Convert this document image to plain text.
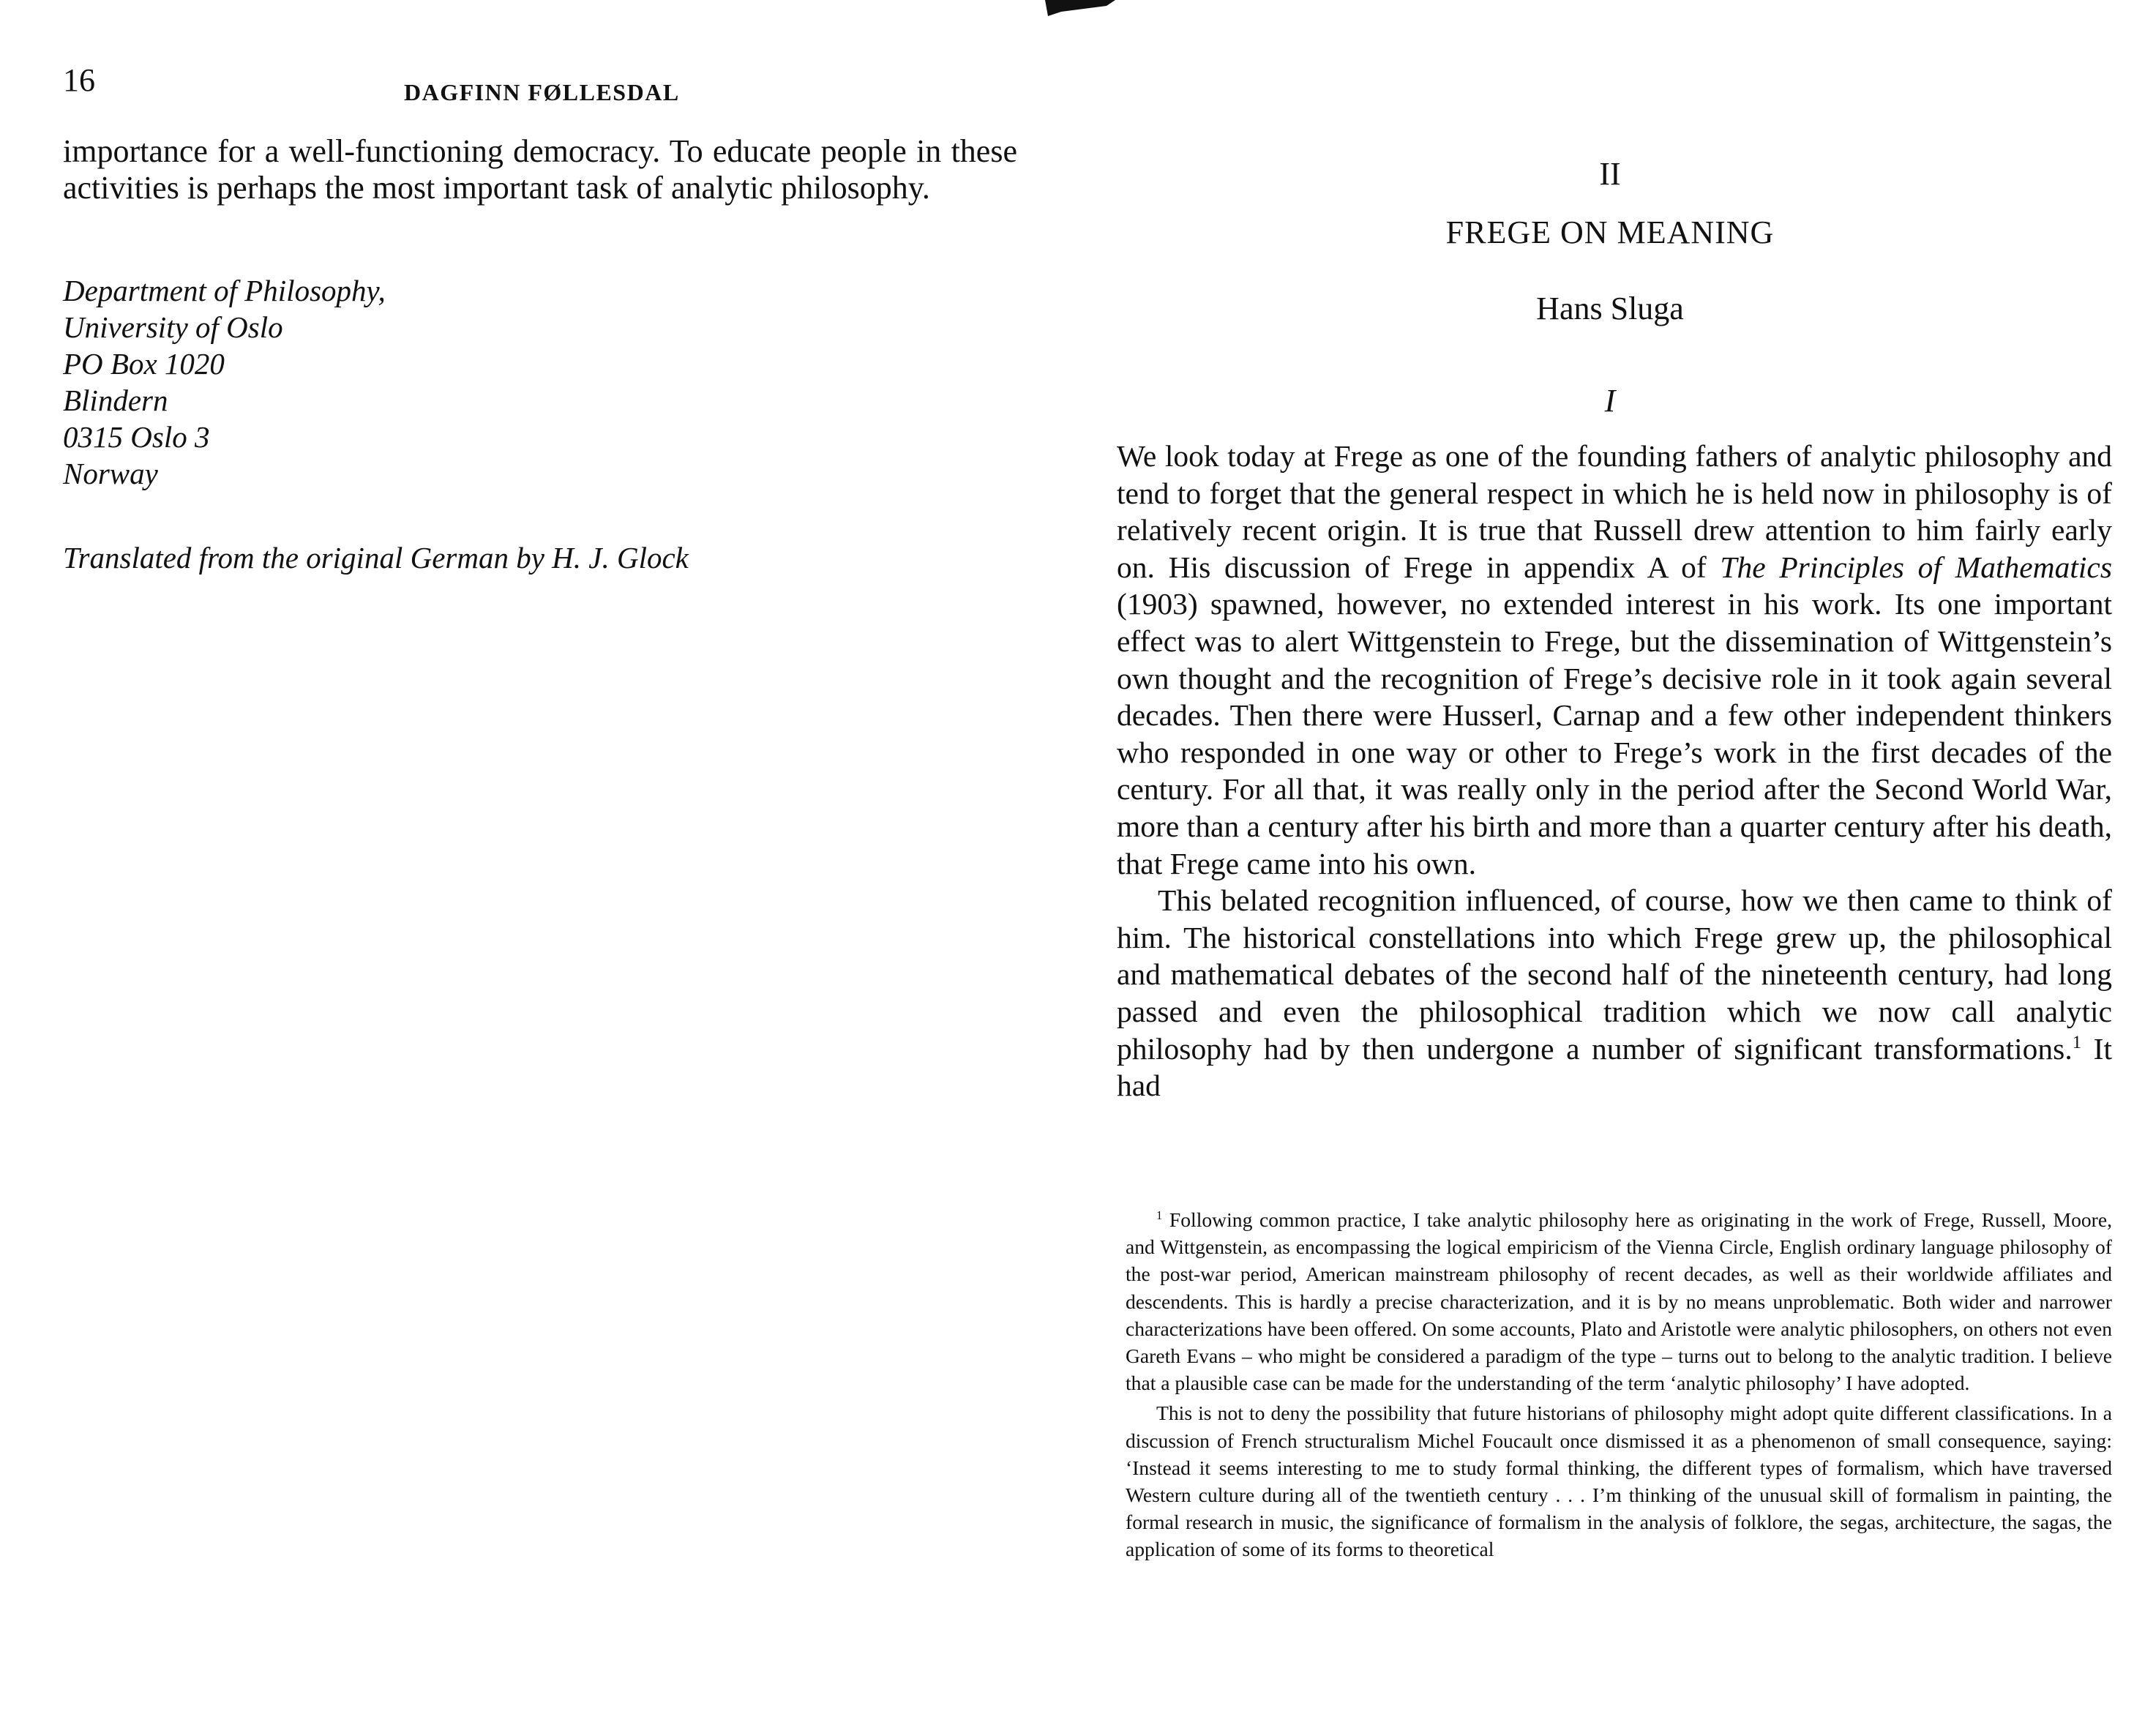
16	DAGFINN FØLLESDAL
importance for a well-functioning democracy. To educate people in these activities is perhaps the most important task of analytic philosophy.
Department of Philosophy,
University of Oslo
PO Box 1020
Blindern
0315 Oslo 3
Norway
Translated from the original German by H. J. Glock
II
FREGE ON MEANING
Hans Sluga
I

We look today at Frege as one of the founding fathers of analytic philosophy and tend to forget that the general respect in which he is held now in philosophy is of relatively recent origin. It is true that Russell drew attention to him fairly early on. His discussion of Frege in appendix A of The Principles of Mathematics (1903) spawned, however, no extended interest in his work. Its one important effect was to alert Wittgenstein to Frege, but the dissemination of Wittgenstein’s own thought and the recognition of Frege’s decisive role in it took again several decades. Then there were Husserl, Carnap and a few other independent thinkers who responded in one way or other to Frege’s work in the first decades of the century. For all that, it was really only in the period after the Second World War, more than a century after his birth and more than a quarter century after his death, that Frege came into his own.

This belated recognition influenced, of course, how we then came to think of him. The historical constellations into which Frege grew up, the philosophical and mathematical debates of the second half of the nineteenth century, had long passed and even the philosophical tradition which we now call analytic philosophy had by then undergone a number of significant transformations.$^1$ It had

$^1$ Following common practice, I take analytic philosophy here as originating in the work of Frege, Russell, Moore, and Wittgenstein, as encompassing the logical empiricism of the Vienna Circle, English ordinary language philosophy of the post-war period, American mainstream philosophy of recent decades, as well as their worldwide affiliates and descendents. This is hardly a precise characterization, and it is by no means unproblematic. Both wider and narrower characterizations have been offered. On some accounts, Plato and Aristotle were analytic philosophers, on others not even Gareth Evans – who might be considered a paradigm of the type – turns out to belong to the analytic tradition. I believe that a plausible case can be made for the understanding of the term ‘analytic philosophy’ I have adopted.

This is not to deny the possibility that future historians of philosophy might adopt quite different classifications. In a discussion of French structuralism Michel Foucault once dismissed it as a phenomenon of small consequence, saying: ‘Instead it seems interesting to me to study formal thinking, the different types of formalism, which have traversed Western culture during all of the twentieth century . . . I’m thinking of the unusual skill of formalism in painting, the formal research in music, the significance of formalism in the analysis of folklore, the segas, architecture, the sagas, the application of some of its forms to theoretical
